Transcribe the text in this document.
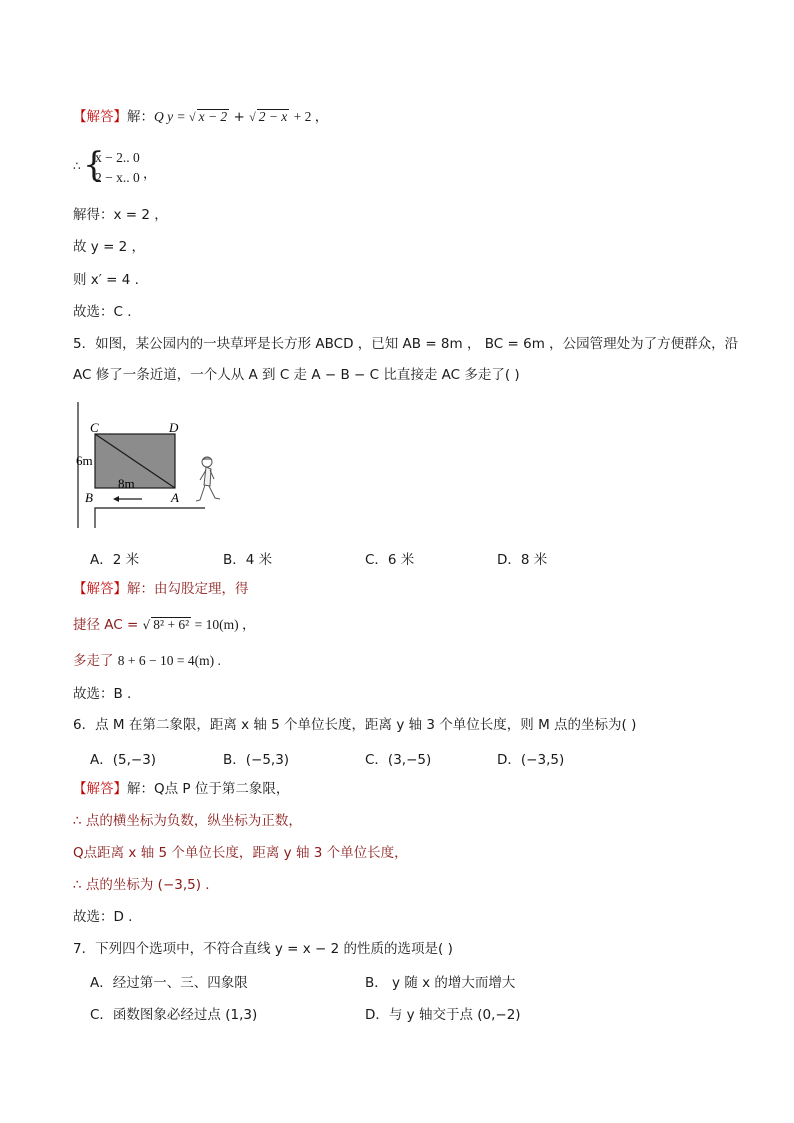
【解答】解：Q y = √ x − 2 + √ 2 − x + 2 ，
∴ {
x − 2.. 0
2 − x.. 0 ，
解得：x = 2 ，
故 y = 2 ，
则 x′ = 4 .
故选：C .
5．如图，某公园内的一块草坪是长方形 ABCD ，已知 AB = 8m ， BC = 6m ，公园管理处为了方便群众，沿
AC 修了一条近道，一个人从 A 到 C 走 A − B − C 比直接走 AC 多走了( )
C	D
B	A
6m
8m
A．2 米	B．4 米	C．6 米	D．8 米
【解答】解：由勾股定理，得
捷径 AC = √ 8² + 6² = 10(m) ，
多走了 8 + 6 − 10 = 4(m) .
故选：B .
6．点 M 在第二象限，距离 x 轴 5 个单位长度，距离 y 轴 3 个单位长度，则 M 点的坐标为( )
A．(5,−3)	B．(−5,3)	C．(3,−5)	D．(−3,5)
【解答】解：Q点 P 位于第二象限，
∴ 点的横坐标为负数，纵坐标为正数，
Q点距离 x 轴 5 个单位长度，距离 y 轴 3 个单位长度，
∴ 点的坐标为 (−3,5) .
故选：D .
7．下列四个选项中，不符合直线 y = x − 2 的性质的选项是( )
A．经过第一、三、四象限	B． y 随 x 的增大而增大
C．函数图象必经过点 (1,3)	D．与 y 轴交于点 (0,−2)
